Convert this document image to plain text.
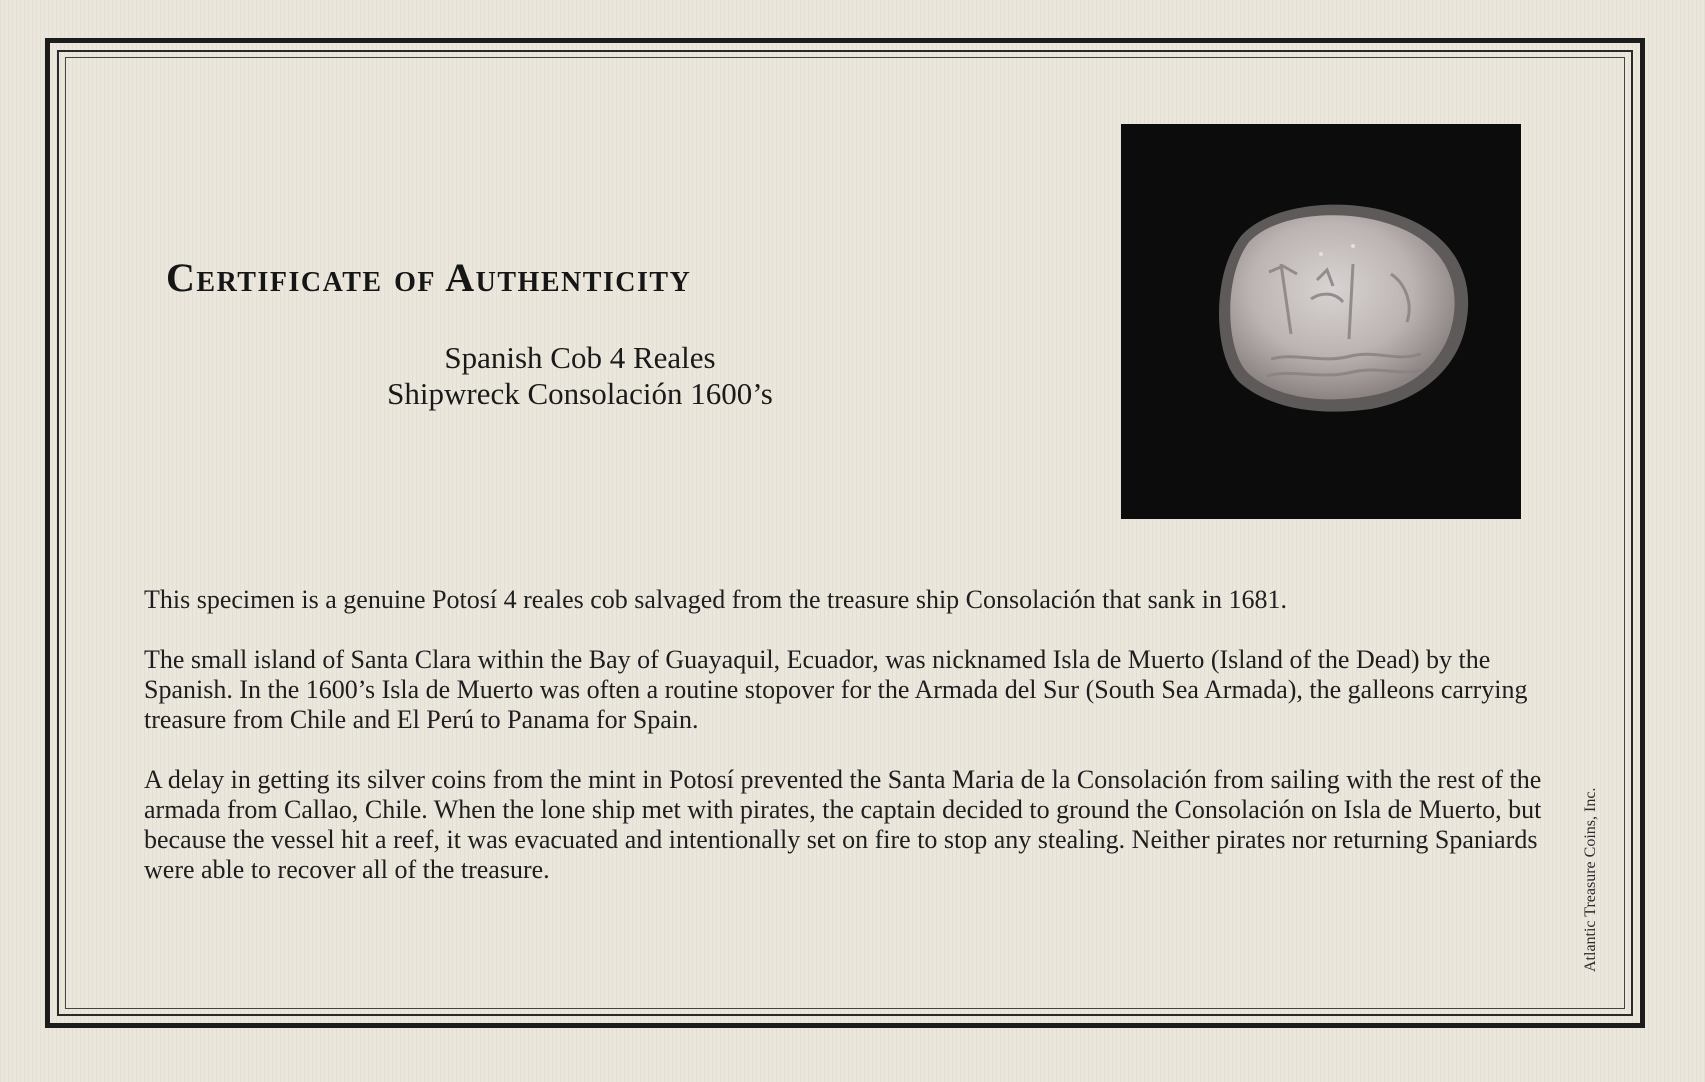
Certificate of Authenticity
Spanish Cob 4 Reales
Shipwreck Consolación 1600’s

This specimen is a genuine Potosí 4 reales cob salvaged from the treasure ship Consolación that sank in 1681.

The small island of Santa Clara within the Bay of Guayaquil, Ecuador, was nicknamed Isla de Muerto (Island of the Dead) by the Spanish. In the 1600’s Isla de Muerto was often a routine stopover for the Armada del Sur (South Sea Armada), the galleons carrying treasure from Chile and El Perú to Panama for Spain.

A delay in getting its silver coins from the mint in Potosí prevented the Santa Maria de la Consolación from sailing with the rest of the armada from Callao, Chile. When the lone ship met with pirates, the captain decided to ground the Consolación on Isla de Muerto, but because the vessel hit a reef, it was evacuated and intentionally set on fire to stop any stealing. Neither pirates nor returning Spaniards were able to recover all of the treasure.	Atlantic Treasure Coins, Inc.
